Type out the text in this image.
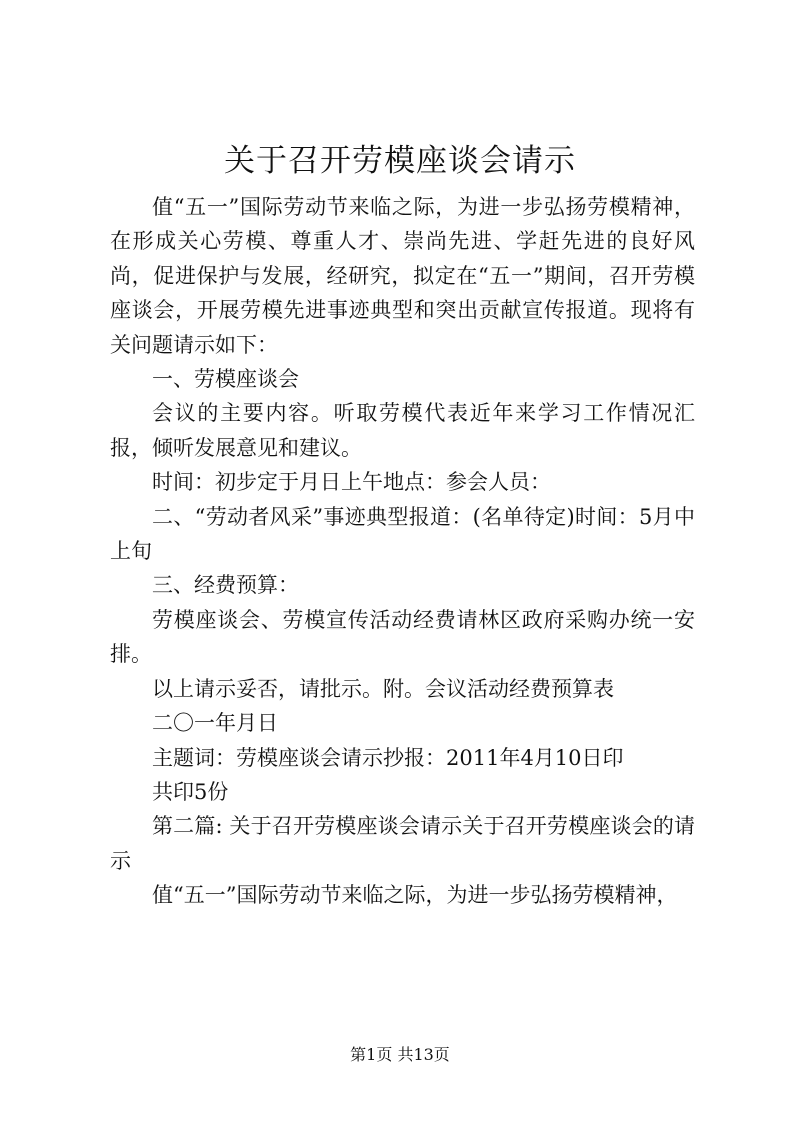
关于召开劳模座谈会请示

值“五一”国际劳动节来临之际，为进一步弘扬劳模精神，在形成关心劳模、尊重人才、崇尚先进、学赶先进的良好风尚，促进保护与发展，经研究，拟定在“五一”期间，召开劳模座谈会，开展劳模先进事迹典型和突出贡献宣传报道。现将有关问题请示如下：

一、劳模座谈会

会议的主要内容。听取劳模代表近年来学习工作情况汇报，倾听发展意见和建议。

时间：初步定于月日上午地点：参会人员：

二、“劳动者风采”事迹典型报道：(名单待定)时间：5月中上旬

三、经费预算：

劳模座谈会、劳模宣传活动经费请林区政府采购办统一安排。

以上请示妥否，请批示。附。会议活动经费预算表

二〇一年月日

主题词：劳模座谈会请示抄报：2011年4月10日印

共印5份

第二篇: 关于召开劳模座谈会请示关于召开劳模座谈会的请示

值“五一”国际劳动节来临之际，为进一步弘扬劳模精神，

第1页 共13页
